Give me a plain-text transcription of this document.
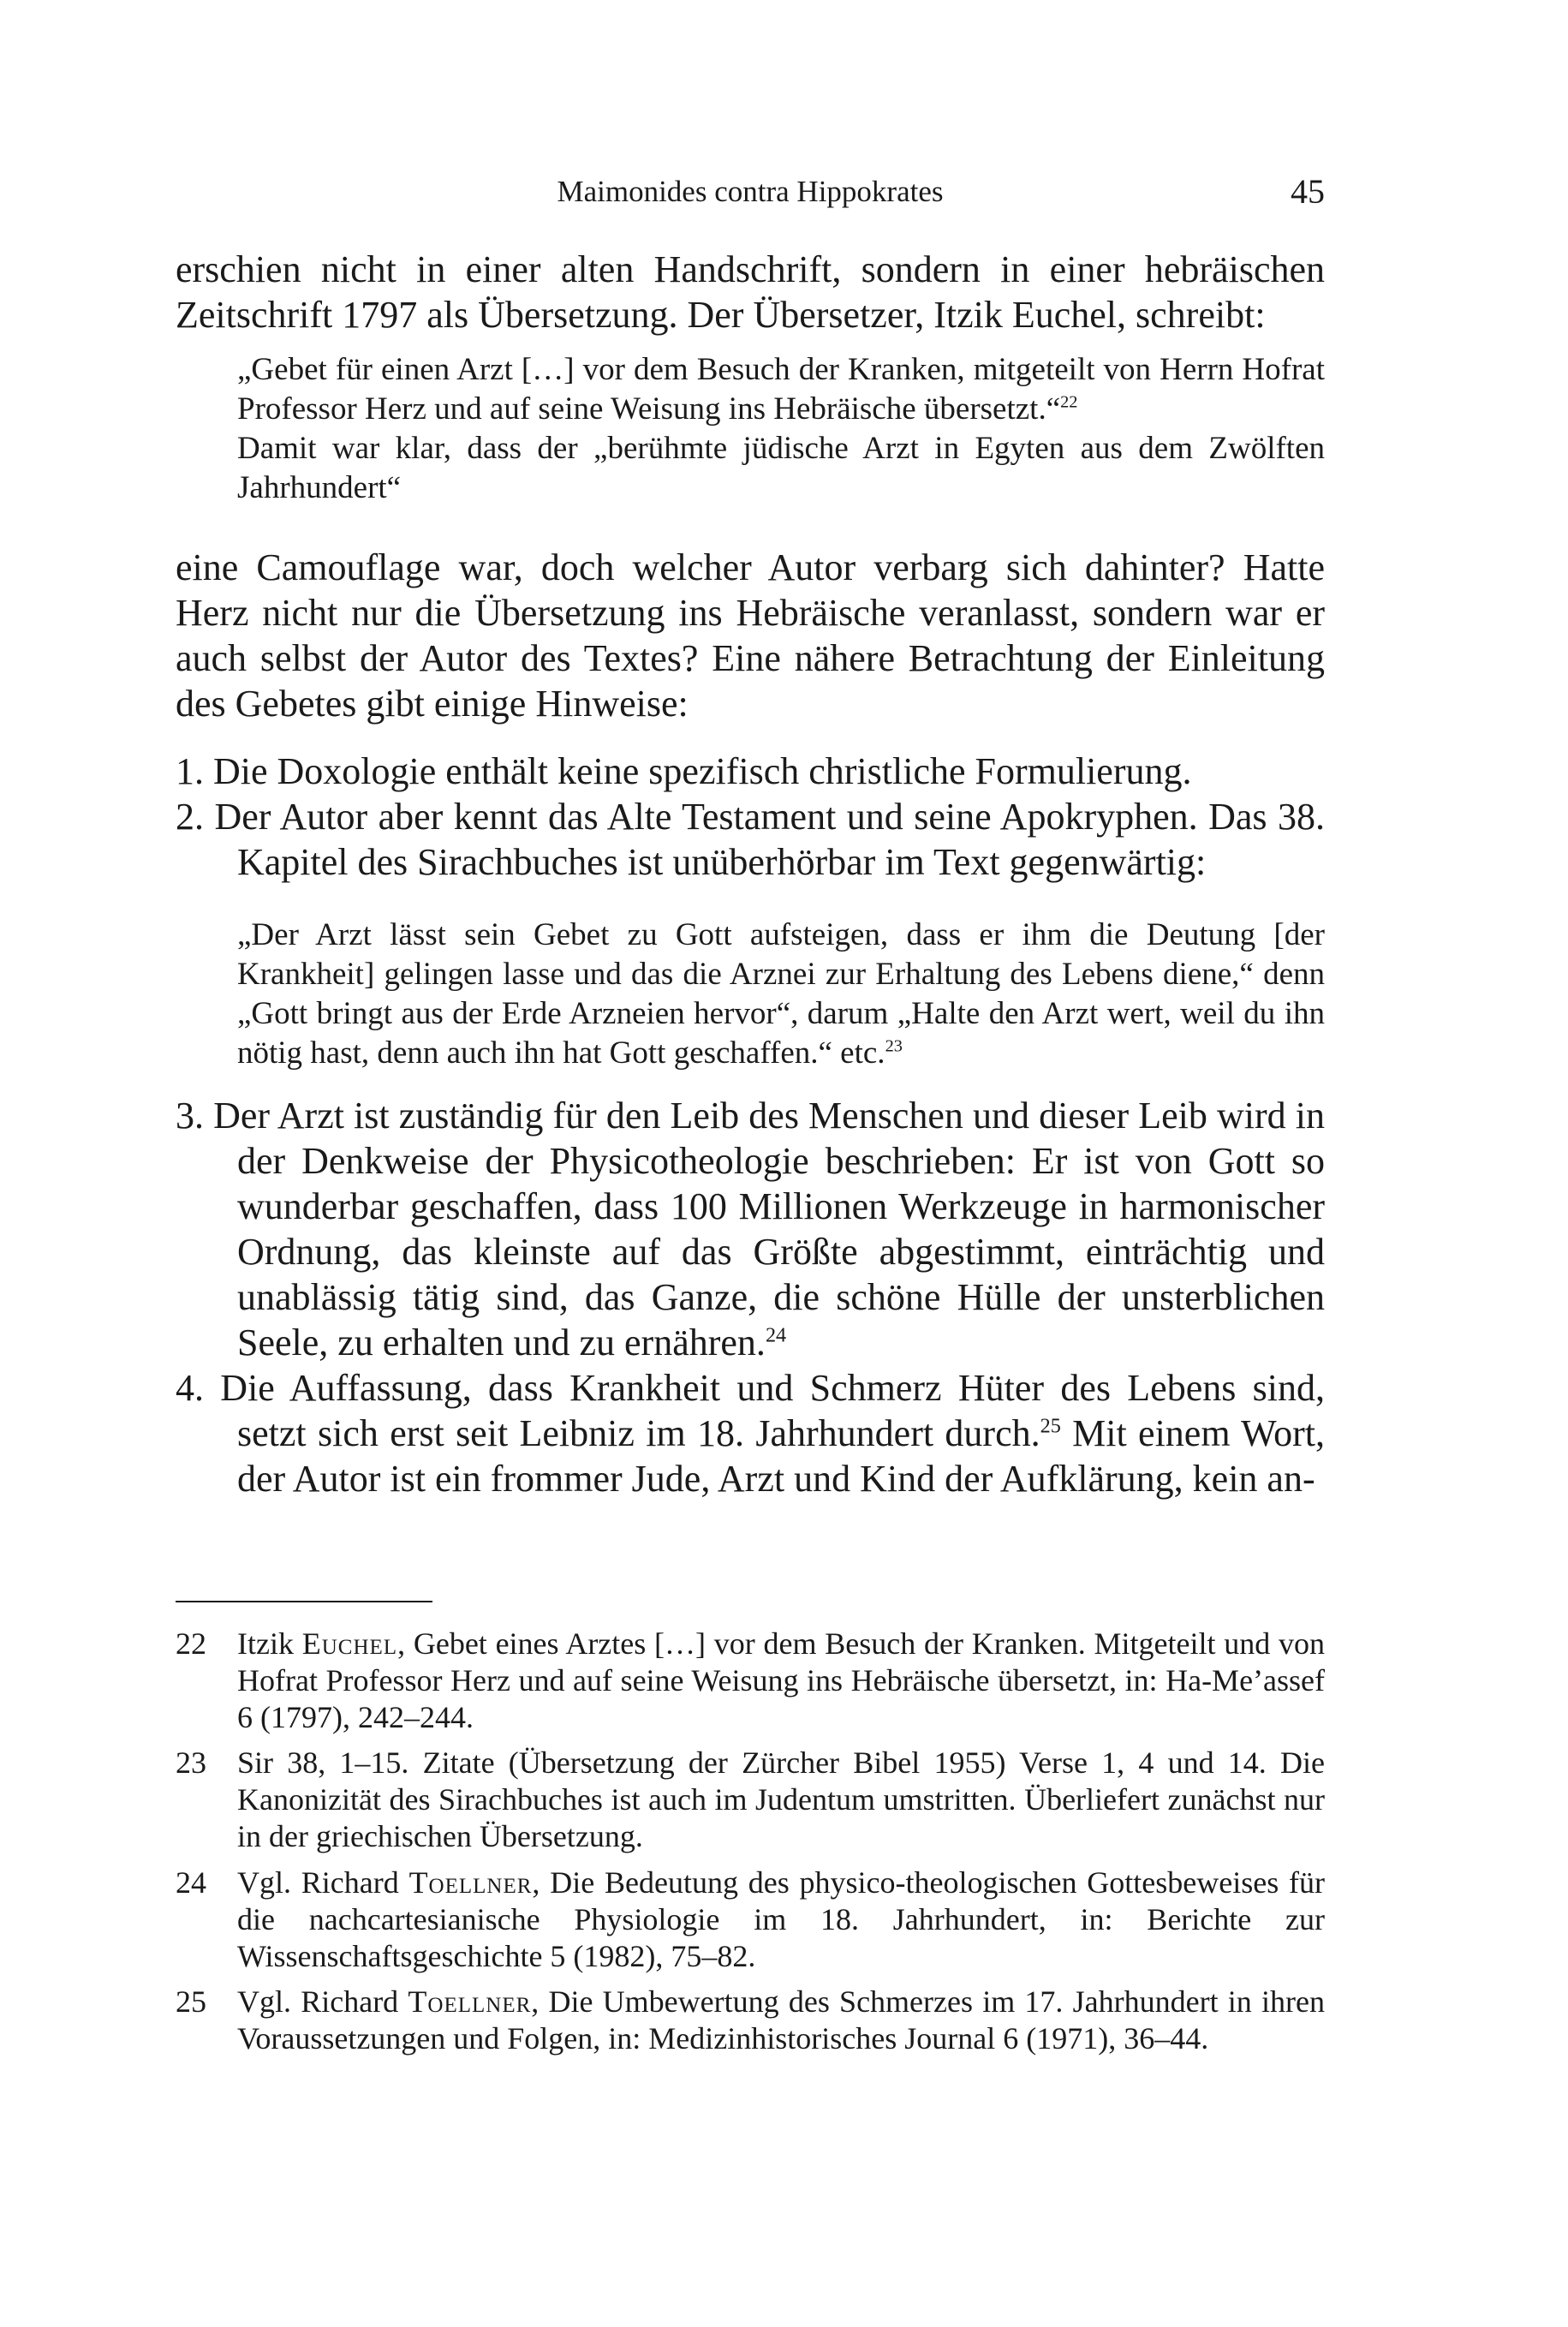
Maimonides contra Hippokrates	45

erschien nicht in einer alten Handschrift, sondern in einer hebräischen Zeitschrift 1797 als Übersetzung. Der Übersetzer, Itzik Euchel, schreibt:

„Gebet für einen Arzt […] vor dem Besuch der Kranken, mitgeteilt von Herrn Hofrat Professor Herz und auf seine Weisung ins Hebräische übersetzt.“$^{22}$
Damit war klar, dass der „berühmte jüdische Arzt in Egyten aus dem Zwölften Jahrhundert“

eine Camouflage war, doch welcher Autor verbarg sich dahinter? Hatte Herz nicht nur die Übersetzung ins Hebräische veranlasst, sondern war er auch selbst der Autor des Textes? Eine nähere Betrachtung der Einleitung des Gebetes gibt einige Hinweise:

1. Die Doxologie enthält keine spezifisch christliche Formulierung.

2. Der Autor aber kennt das Alte Testament und seine Apokryphen. Das 38. Kapitel des Sirachbuches ist unüberhörbar im Text gegenwärtig:

„Der Arzt lässt sein Gebet zu Gott aufsteigen, dass er ihm die Deutung [der Krankheit] gelingen lasse und das die Arznei zur Erhaltung des Lebens diene,“ denn „Gott bringt aus der Erde Arzneien hervor“, darum „Halte den Arzt wert, weil du ihn nötig hast, denn auch ihn hat Gott geschaffen.“ etc.$^{23}$

3. Der Arzt ist zuständig für den Leib des Menschen und dieser Leib wird in der Denkweise der Physicotheologie beschrieben: Er ist von Gott so wunderbar geschaffen, dass 100 Millionen Werkzeuge in harmonischer Ordnung, das kleinste auf das Größte abgestimmt, einträchtig und unablässig tätig sind, das Ganze, die schöne Hülle der unsterblichen Seele, zu erhalten und zu ernähren.$^{24}$

4. Die Auffassung, dass Krankheit und Schmerz Hüter des Lebens sind, setzt sich erst seit Leibniz im 18. Jahrhundert durch.$^{25}$ Mit einem Wort, der Autor ist ein frommer Jude, Arzt und Kind der Aufklärung, kein an-

22 Itzik Euchel, Gebet eines Arztes […] vor dem Besuch der Kranken. Mitgeteilt und von Hofrat Professor Herz und auf seine Weisung ins Hebräische übersetzt, in: Ha-Me’assef 6 (1797), 242–244.

23 Sir 38, 1–15. Zitate (Übersetzung der Zürcher Bibel 1955) Verse 1, 4 und 14. Die Kanonizität des Sirachbuches ist auch im Judentum umstritten. Überliefert zunächst nur in der griechischen Übersetzung.

24 Vgl. Richard Toellner, Die Bedeutung des physico-theologischen Gottesbeweises für die nachcartesianische Physiologie im 18. Jahrhundert, in: Berichte zur Wissenschaftsgeschichte 5 (1982), 75–82.

25 Vgl. Richard Toellner, Die Umbewertung des Schmerzes im 17. Jahrhundert in ihren Voraussetzungen und Folgen, in: Medizinhistorisches Journal 6 (1971), 36–44.
